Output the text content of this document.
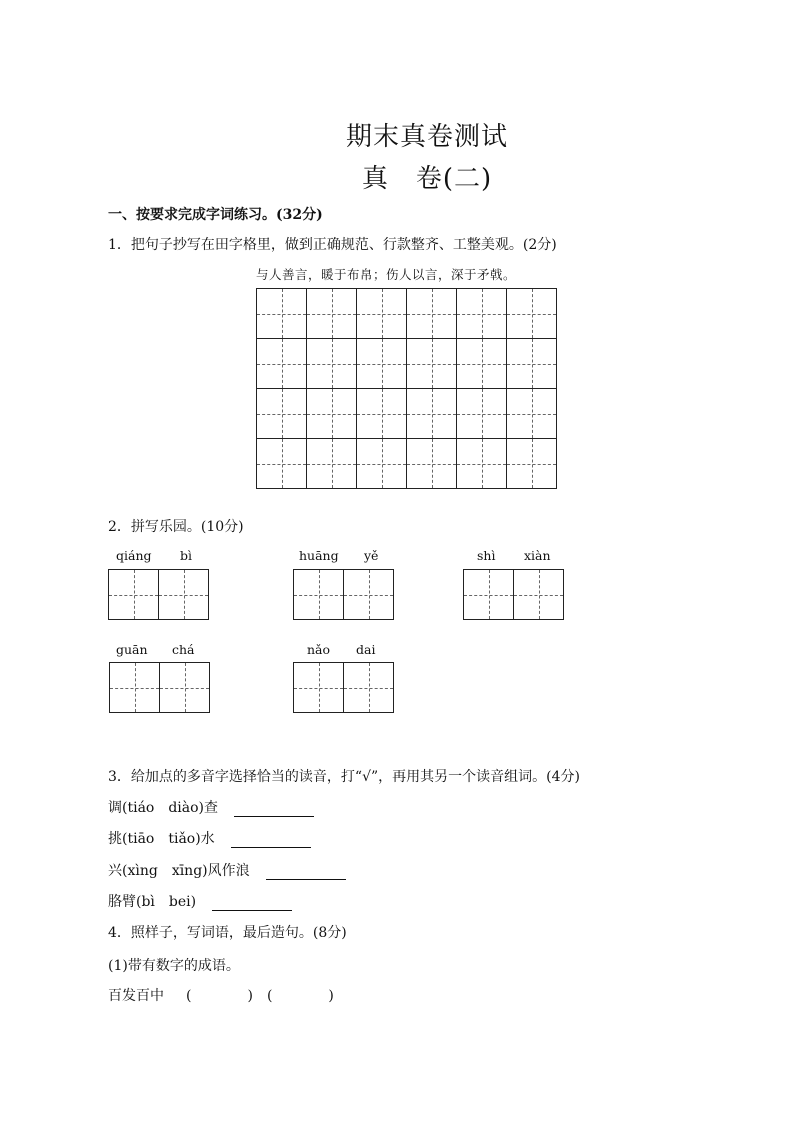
期末真卷测试
真　卷(二)
一、按要求完成字词练习。(32分)
1．把句子抄写在田字格里，做到正确规范、行款整齐、工整美观。(2分)
与人善言，暖于布帛；伤人以言，深于矛戟。
2．拼写乐园。(10分)
qiáng bì	huāng yě	shì xiàn
guān chá	nǎo dai
3．给加点的多音字选择恰当的读音，打“√”，再用其另一个读音组词。(4分)
调(tiáo　diào)查
挑(tiāo　tiǎo)水
兴(xìng　xīng)风作浪
胳臂(bì　bei)
4．照样子，写词语，最后造句。(8分)
(1)带有数字的成语。
百发百中 (　　　　) (　　　　)
